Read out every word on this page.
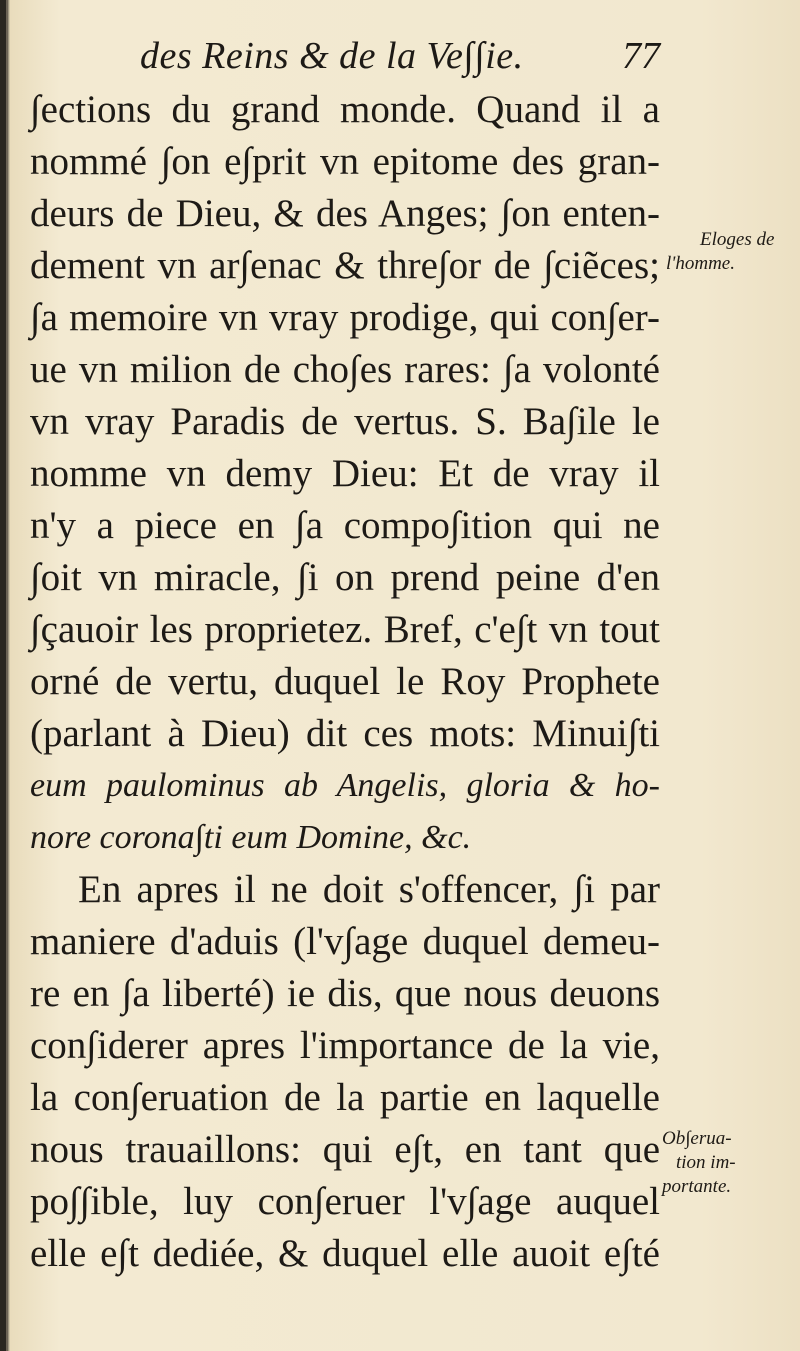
des Reins & de la Ve∫∫ie.	77
∫ections du grand monde. Quand il a
nommé ∫on e∫prit vn epitome des gran-
deurs de Dieu, & des Anges; ∫on enten-
dement vn ar∫enac & thre∫or de ∫ciẽces;
∫a memoire vn vray prodige, qui con∫er-
ue vn milion de cho∫es rares: ∫a volonté
vn vray Paradis de vertus. S. Ba∫ile le
nomme vn demy Dieu: Et de vray il
n'y a piece en ∫a compo∫ition qui ne
∫oit vn miracle, ∫i on prend peine d'en
∫çauoir les proprietez. Bref, c'e∫t vn tout
orné de vertu, duquel le Roy Prophete
(parlant à Dieu) dit ces mots: Minui∫ti
eum paulominus ab Angelis, gloria & ho-
nore corona∫ti eum Domine, &c.
En apres il ne doit s'offencer, ∫i par
maniere d'aduis (l'v∫age duquel demeu-
re en ∫a liberté) ie dis, que nous deuons
con∫iderer apres l'importance de la vie,
la con∫eruation de la partie en laquelle
nous trauaillons: qui e∫t, en tant que
po∫∫ible, luy con∫eruer l'v∫age auquel
elle e∫t dediée, & duquel elle auoit e∫té
Eloges de
l'homme.
Ob∫erua-
tion im-
portante.
